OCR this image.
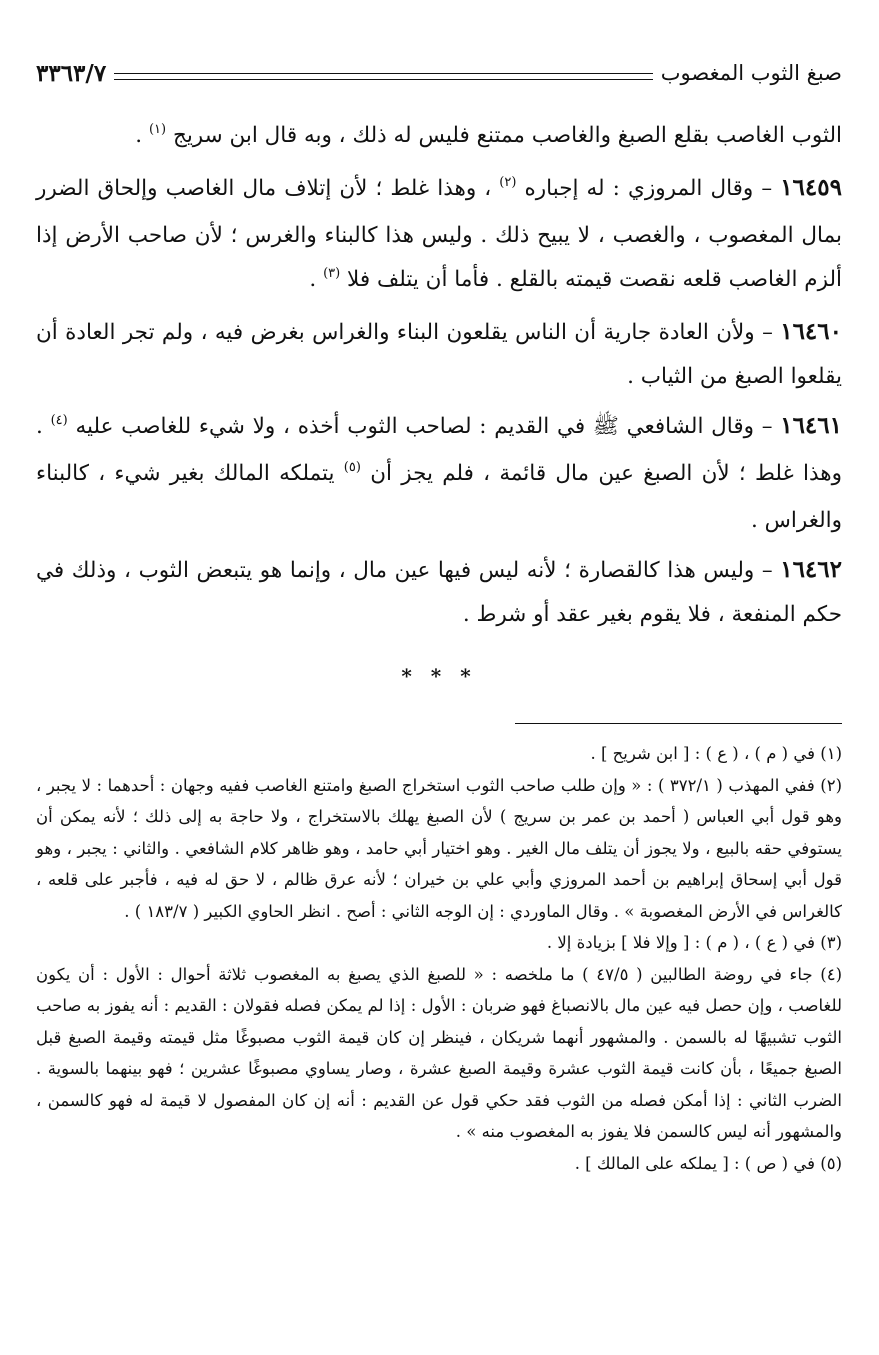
صبغ الثوب المغصوب
٣٣٦٣/٧

الثوب الغاصب بقلع الصبغ والغاصب ممتنع فليس له ذلك ، وبه قال ابن سريج $^{(١)}$ .

١٦٤٥٩ – وقال المروزي : له إجباره $^{(٢)}$ ، وهذا غلط ؛ لأن إتلاف مال الغاصب وإلحاق الضرر بمال المغصوب ، والغصب ، لا يبيح ذلك . وليس هذا كالبناء والغرس ؛ لأن صاحب الأرض إذا ألزم الغاصب قلعه نقصت قيمته بالقلع . فأما أن يتلف فلا $^{(٣)}$ .

١٦٤٦٠ – ولأن العادة جارية أن الناس يقلعون البناء والغراس بغرض فيه ، ولم تجر العادة أن يقلعوا الصبغ من الثياب .

١٦٤٦١ – وقال الشافعي ﷺ في القديم : لصاحب الثوب أخذه ، ولا شيء للغاصب عليه $^{(٤)}$ . وهذا غلط ؛ لأن الصبغ عين مال قائمة ، فلم يجز أن $^{(٥)}$ يتملكه المالك بغير شيء ، كالبناء والغراس .

١٦٤٦٢ – وليس هذا كالقصارة ؛ لأنه ليس فيها عين مال ، وإنما هو يتبعض الثوب ، وذلك في حكم المنفعة ، فلا يقوم بغير عقد أو شرط .

* * *

(١) في ( م ) ، ( ع ) : [ ابن شريح ] .

(٢) ففي المهذب ( ٣٧٢/١ ) : « وإن طلب صاحب الثوب استخراج الصبغ وامتنع الغاصب ففيه وجهان : أحدهما : لا يجبر ، وهو قول أبي العباس ( أحمد بن عمر بن سريج ) لأن الصبغ يهلك بالاستخراج ، ولا حاجة به إلى ذلك ؛ لأنه يمكن أن يستوفي حقه بالبيع ، ولا يجوز أن يتلف مال الغير . وهو اختيار أبي حامد ، وهو ظاهر كلام الشافعي . والثاني : يجبر ، وهو قول أبي إسحاق إبراهيم بن أحمد المروزي وأبي علي بن خيران ؛ لأنه عرق ظالم ، لا حق له فيه ، فأجبر على قلعه ، كالغراس في الأرض المغصوبة » . وقال الماوردي : إن الوجه الثاني : أصح . انظر الحاوي الكبير ( ١٨٣/٧ ) .

(٣) في ( ع ) ، ( م ) : [ وإلا فلا ] بزيادة إلا .

(٤) جاء في روضة الطالبين ( ٤٧/٥ ) ما ملخصه : « للصبغ الذي يصبغ به المغصوب ثلاثة أحوال : الأول : أن يكون للغاصب ، وإن حصل فيه عين مال بالانصباغ فهو ضربان : الأول : إذا لم يمكن فصله فقولان : القديم : أنه يفوز به صاحب الثوب تشبيهًا له بالسمن . والمشهور أنهما شريكان ، فينظر إن كان قيمة الثوب مصبوغًا مثل قيمته وقيمة الصبغ قبل الصبغ جميعًا ، بأن كانت قيمة الثوب عشرة وقيمة الصبغ عشرة ، وصار يساوي مصبوغًا عشرين ؛ فهو بينهما بالسوية . الضرب الثاني : إذا أمكن فصله من الثوب فقد حكي قول عن القديم : أنه إن كان المفصول لا قيمة له فهو كالسمن ، والمشهور أنه ليس كالسمن فلا يفوز به المغصوب منه » .

(٥) في ( ص ) : [ يملكه على المالك ] .
